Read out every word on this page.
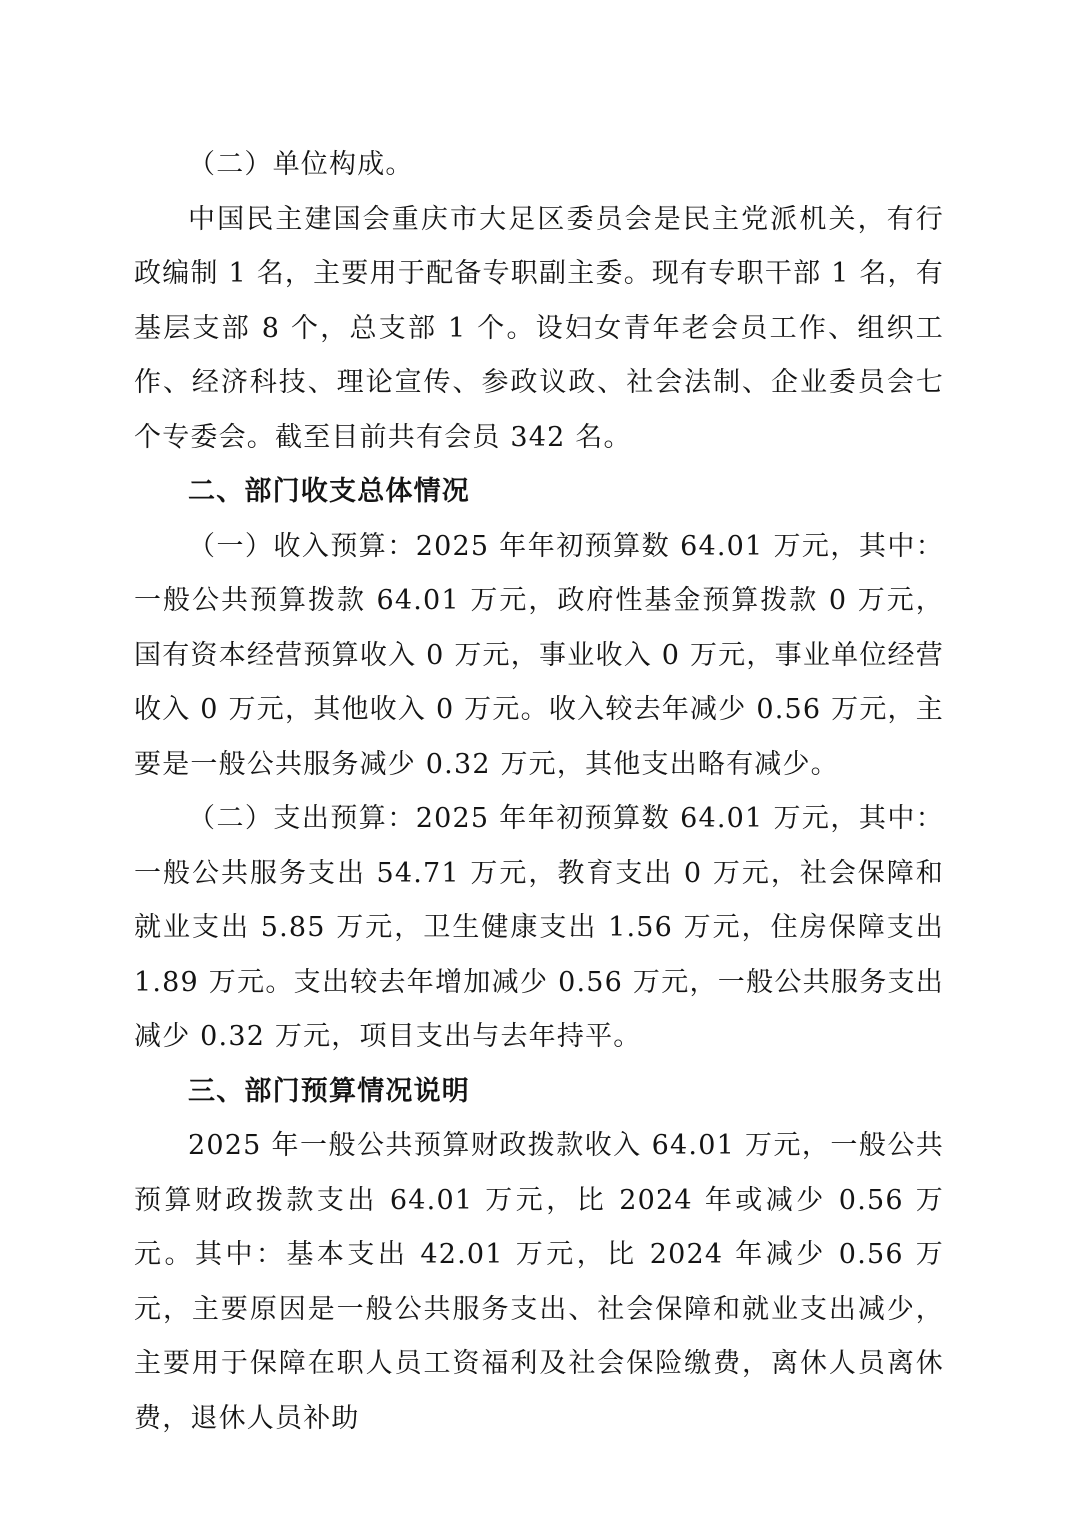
（二）单位构成。

中国民主建国会重庆市大足区委员会是民主党派机关，有行政编制 1 名，主要用于配备专职副主委。现有专职干部 1 名，有基层支部 8 个，总支部 1 个。设妇女青年老会员工作、组织工作、经济科技、理论宣传、参政议政、社会法制、企业委员会七个专委会。截至目前共有会员 342 名。

二、部门收支总体情况

（一）收入预算：2025 年年初预算数 64.01 万元，其中：一般公共预算拨款 64.01 万元，政府性基金预算拨款 0 万元，国有资本经营预算收入 0 万元，事业收入 0 万元，事业单位经营收入 0 万元，其他收入 0 万元。收入较去年减少 0.56 万元，主要是一般公共服务减少 0.32 万元，其他支出略有减少。

（二）支出预算：2025 年年初预算数 64.01 万元，其中：一般公共服务支出 54.71 万元，教育支出 0 万元，社会保障和就业支出 5.85 万元，卫生健康支出 1.56 万元，住房保障支出 1.89 万元。支出较去年增加减少 0.56 万元，一般公共服务支出减少 0.32 万元，项目支出与去年持平。

三、部门预算情况说明

2025 年一般公共预算财政拨款收入 64.01 万元，一般公共预算财政拨款支出 64.01 万元，比 2024 年或减少 0.56 万元。其中：基本支出 42.01 万元，比 2024 年减少 0.56 万元，主要原因是一般公共服务支出、社会保障和就业支出减少，主要用于保障在职人员工资福利及社会保险缴费，离休人员离休费，退休人员补助
